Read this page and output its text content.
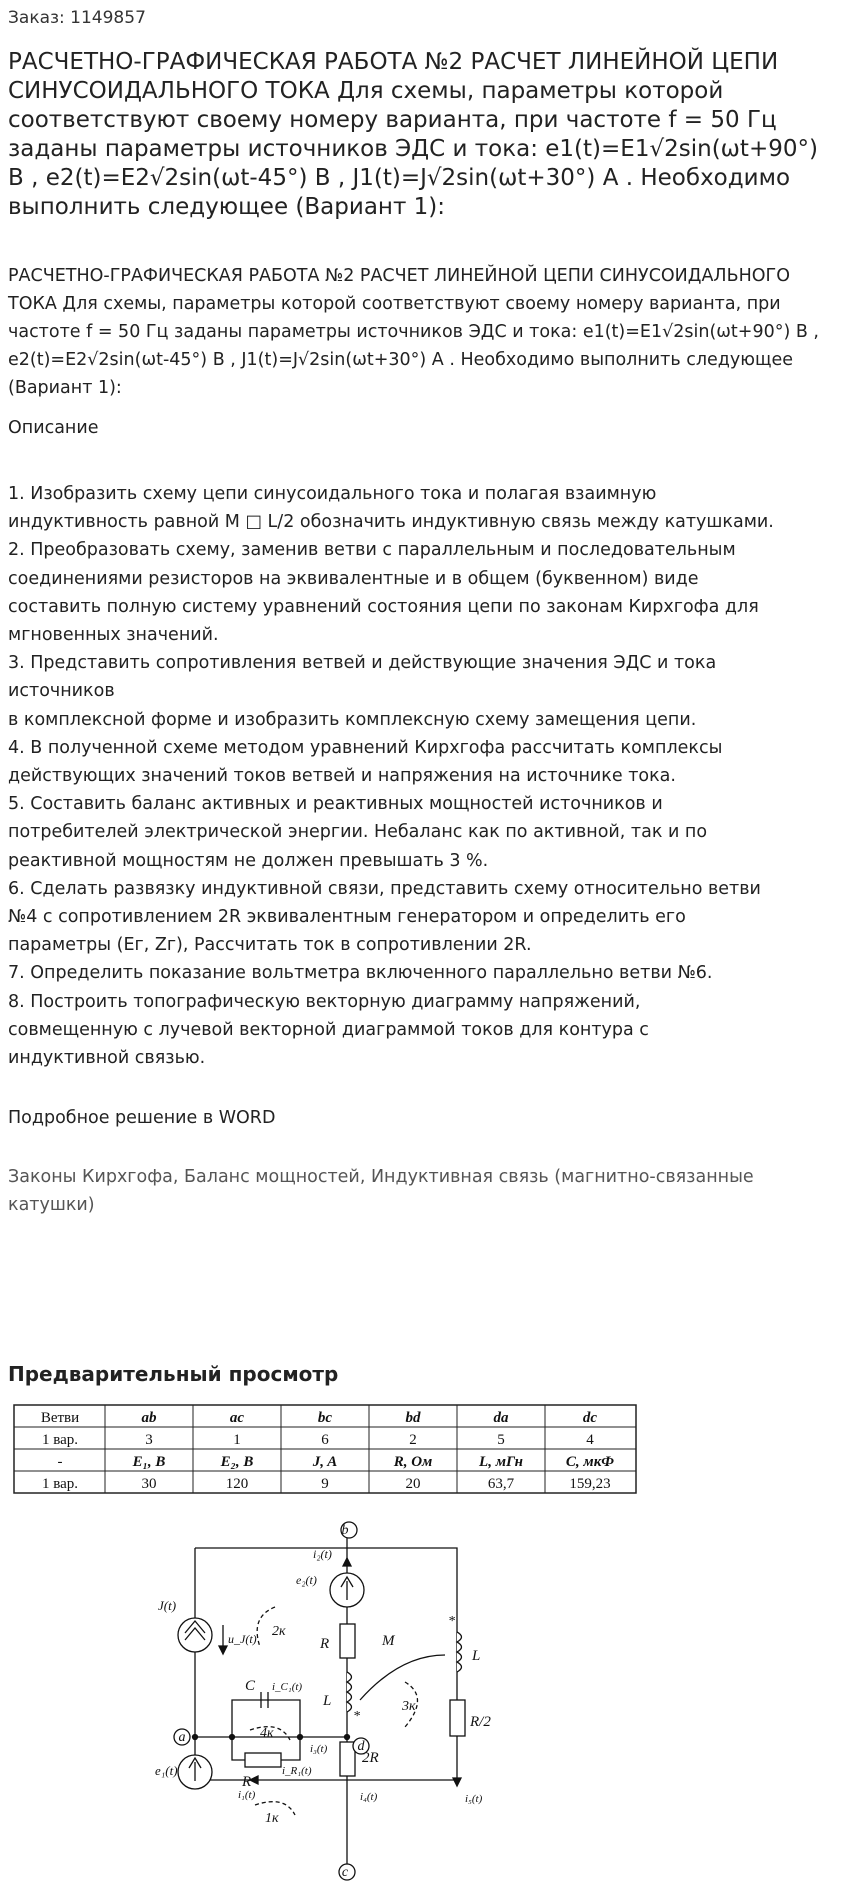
Заказ: 1149857
РАСЧЕТНО-ГРАФИЧЕСКАЯ РАБОТА №2 РАСЧЕТ ЛИНЕЙНОЙ ЦЕПИ СИНУСОИДАЛЬНОГО ТОКА Для схемы, параметры которой соответствуют своему номеру варианта, при частоте f = 50 Гц заданы параметры источников ЭДС и тока: e1(t)=E1√2sin(ωt+90°) В , e2(t)=E2√2sin(ωt-45°) В , J1(t)=J√2sin(ωt+30°) А . Необходимо выполнить следующее (Вариант 1):
РАСЧЕТНО-ГРАФИЧЕСКАЯ РАБОТА №2 РАСЧЕТ ЛИНЕЙНОЙ ЦЕПИ СИНУСОИДАЛЬНОГО ТОКА Для схемы, параметры которой соответствуют своему номеру варианта, при частоте f = 50 Гц заданы параметры источников ЭДС и тока: e1(t)=E1√2sin(ωt+90°) В , e2(t)=E2√2sin(ωt-45°) В , J1(t)=J√2sin(ωt+30°) А . Необходимо выполнить следующее (Вариант 1):
Описание
1. Изобразить схему цепи синусоидального тока и полагая взаимную
индуктивность равной М □ L/2 обозначить индуктивную связь между катушками.
2. Преобразовать схему, заменив ветви с параллельным и последовательным
соединениями резисторов на эквивалентные и в общем (буквенном) виде
составить полную систему уравнений состояния цепи по законам Кирхгофа для
мгновенных значений.
3. Представить сопротивления ветвей и действующие значения ЭДС и тока
источников
в комплексной форме и изобразить комплексную схему замещения цепи.
4. В полученной схеме методом уравнений Кирхгофа рассчитать комплексы
действующих значений токов ветвей и напряжения на источнике тока.
5. Составить баланс активных и реактивных мощностей источников и
потребителей электрической энергии. Небаланс как по активной, так и по
реактивной мощностям не должен превышать 3 %.
6. Сделать развязку индуктивной связи, представить схему относительно ветви
№4 с сопротивлением 2R эквивалентным генератором и определить его
параметры (Ег, Zг), Рассчитать ток в сопротивлении 2R.
7. Определить показание вольтметра включенного параллельно ветви №6.
8. Построить топографическую векторную диаграмму напряжений,
совмещенную с лучевой векторной диаграммой токов для контура с
индуктивной связью.
Подробное решение в WORD
Законы Кирхгофа, Баланс мощностей, Индуктивная связь (магнитно-связанные катушки)
Предварительный просмотр
Ветви	ab	ac	bc	bd	da	dc
1 вар.	3	1	6	2	5	4
-	E₁, B	E₂, B	J, A	R, Ом	L, мГн	C, мкФ
1 вар.	30	120	9	20	63,7	159,23
b
c
a
d
J(t)
u_J(t)
e₁(t)
e₂(t)
i₂(t)
R
L
M
L
R/2
2R
C i_C₁(t)
R
i_R₁(t)
i₃(t)
i₄(t)	i₅(t)
i₁(t)
2к
3к
4к
1к
*
*
